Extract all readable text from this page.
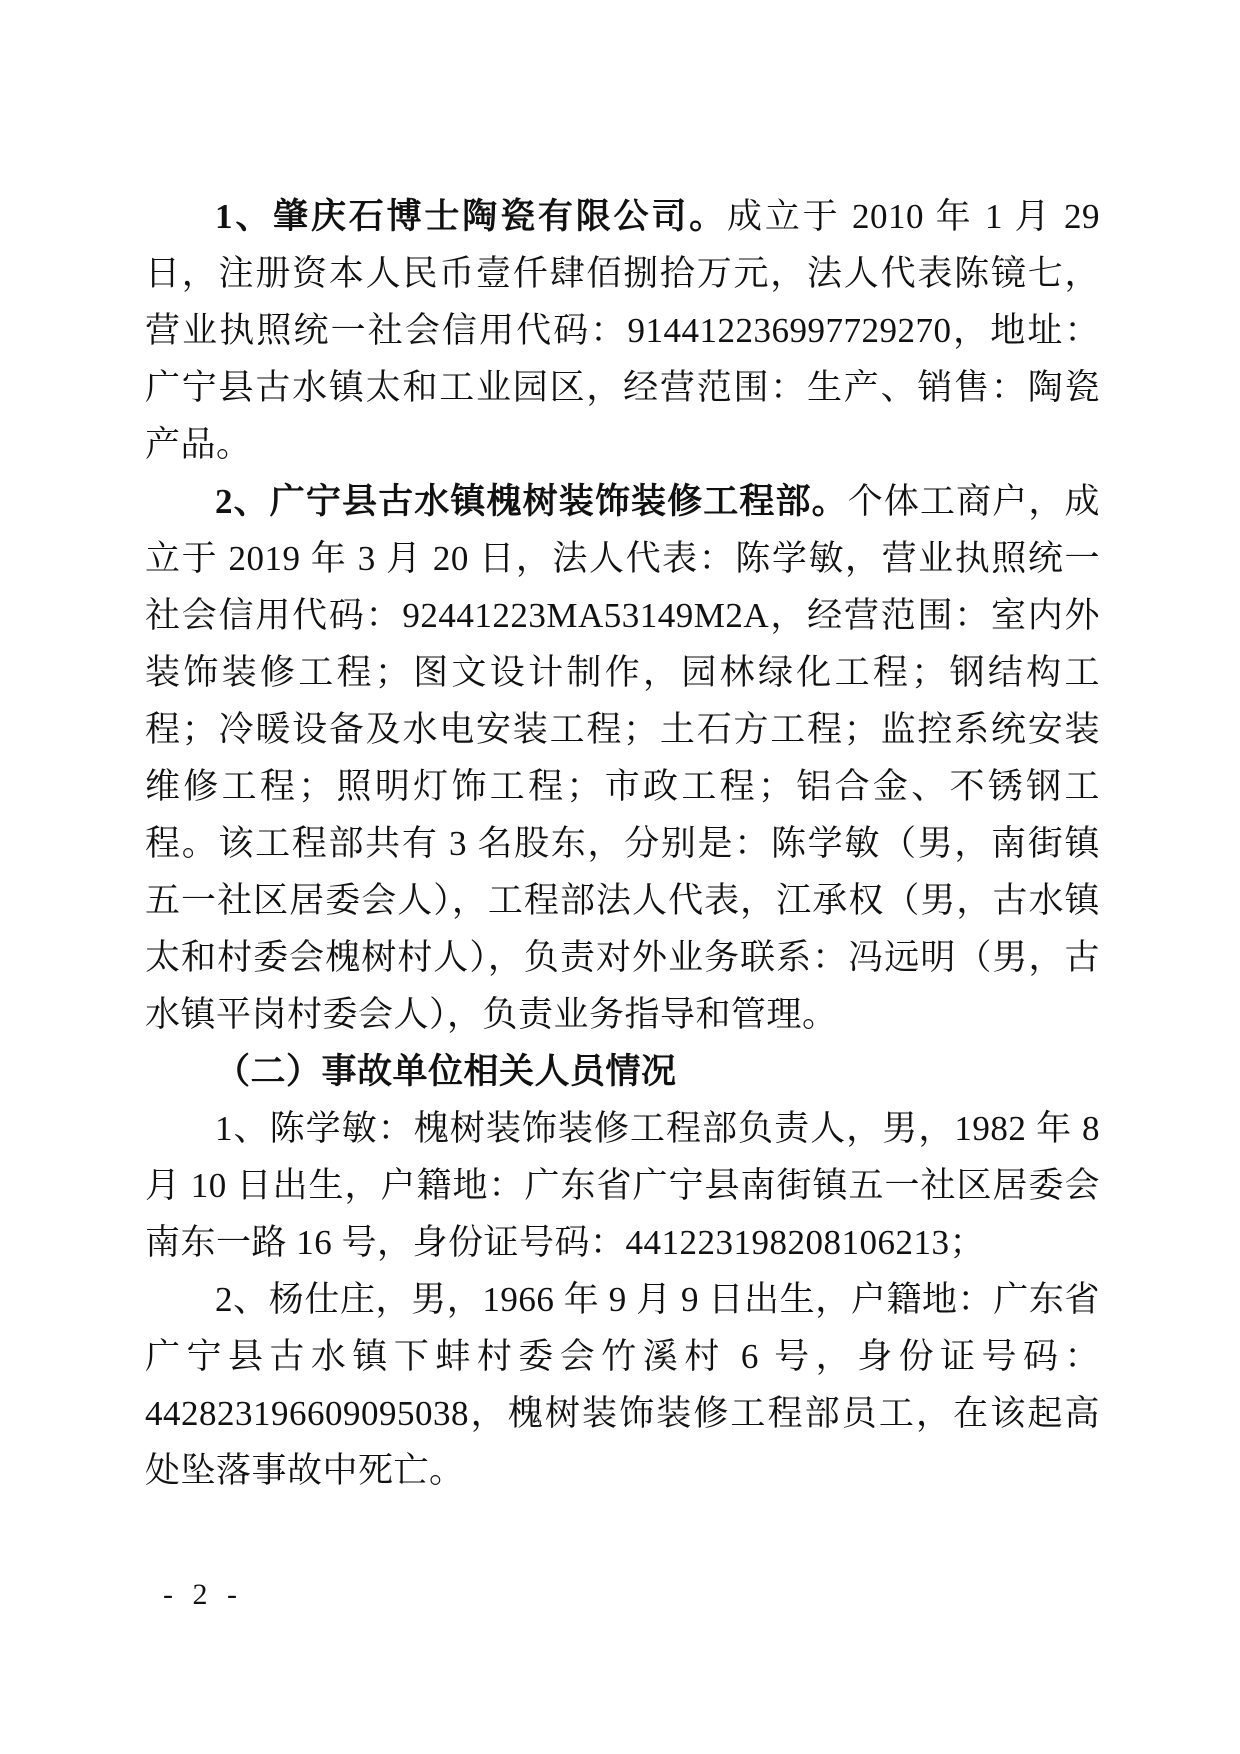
1、肇庆石博士陶瓷有限公司。成立于 2010 年 1 月 29 日，注册资本人民币壹仟肆佰捌拾万元，法人代表陈镜七，营业执照统一社会信用代码：914412236997729270，地址：广宁县古水镇太和工业园区，经营范围：生产、销售：陶瓷产品。

2、广宁县古水镇槐树装饰装修工程部。个体工商户，成立于 2019 年 3 月 20 日，法人代表：陈学敏，营业执照统一社会信用代码：92441223MA53149M2A，经营范围：室内外装饰装修工程；图文设计制作，园林绿化工程；钢结构工程；冷暖设备及水电安装工程；土石方工程；监控系统安装维修工程；照明灯饰工程；市政工程；铝合金、不锈钢工程。该工程部共有 3 名股东，分别是：陈学敏（男，南街镇五一社区居委会人），工程部法人代表，江承权（男，古水镇太和村委会槐树村人），负责对外业务联系：冯远明（男，古水镇平岗村委会人），负责业务指导和管理。

（二）事故单位相关人员情况

1、陈学敏：槐树装饰装修工程部负责人，男，1982 年 8 月 10 日出生，户籍地：广东省广宁县南街镇五一社区居委会南东一路 16 号，身份证号码：441223198208106213；

2、杨仕庄，男，1966 年 9 月 9 日出生，户籍地：广东省广宁县古水镇下蚌村委会竹溪村 6 号，身份证号码：442823196609095038，槐树装饰装修工程部员工，在该起高处坠落事故中死亡。

- 2 -
